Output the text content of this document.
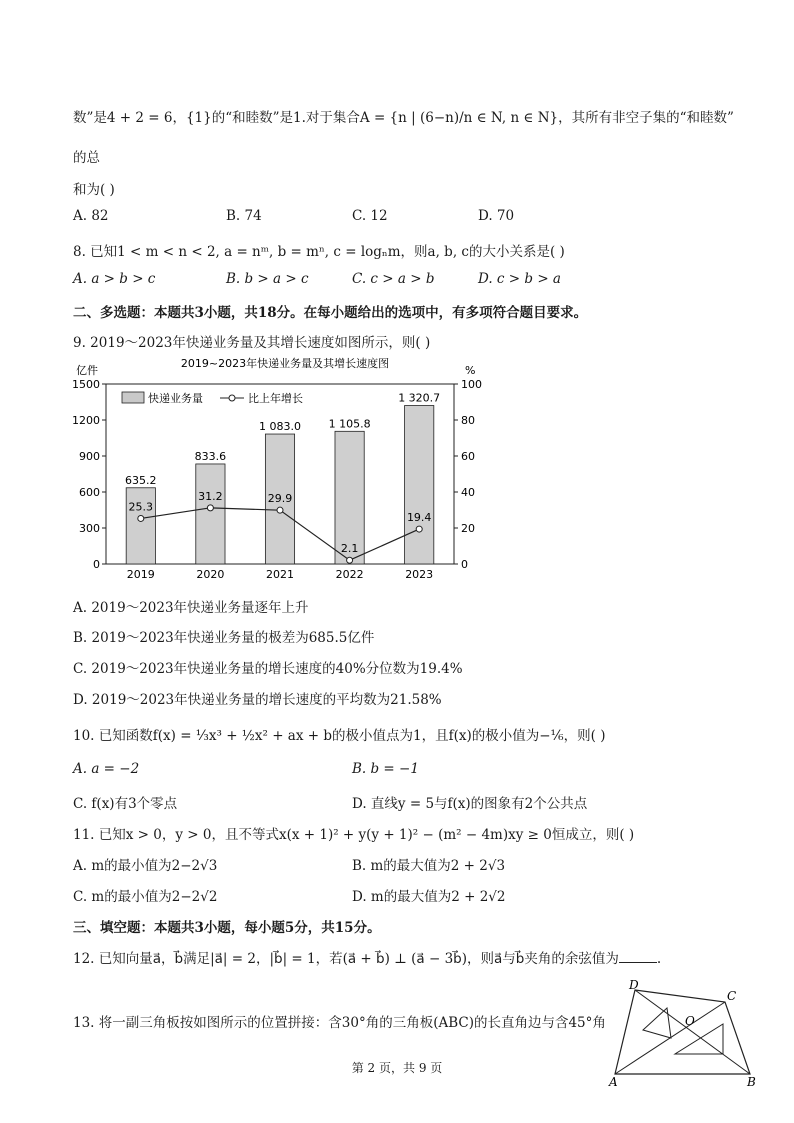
数”是4 + 2 = 6，{1}的“和睦数”是1.对于集合A = {n | (6−n)/n ∈ N, n ∈ N}，其所有非空子集的“和睦数”
的总
和为( )
A. 82	B. 74	C. 12	D. 70
8. 已知1 < m < n < 2, a = nᵐ, b = mⁿ, c = logₙm，则a, b, c的大小关系是( )
A. a > b > c	B. b > a > c	C. c > a > b	D. c > b > a
二、多选题：本题共3小题，共18分。在每小题给出的选项中，有多项符合题目要求。
9. 2019～2023年快递业务量及其增长速度如图所示，则( )
2019~2023年快递业务量及其增长速度图
亿件	%
0
300
600
900
1200
1500
0
20
40
60
80
100
635.2
2019
833.6
2020
1 083.0
2021
1 105.8
2022
1 320.7
2023
25.3
31.2	29.9
2.1
19.4
快递业务量	比上年增长
A. 2019～2023年快递业务量逐年上升
B. 2019～2023年快递业务量的极差为685.5亿件
C. 2019～2023年快递业务量的增长速度的40%分位数为19.4%
D. 2019～2023年快递业务量的增长速度的平均数为21.58%
10. 已知函数f(x) = ⅓x³ + ½x² + ax + b的极小值点为1，且f(x)的极小值为−⅙，则( )
A. a = −2	B. b = −1
C. f(x)有3个零点	D. 直线y = 5与f(x)的图象有2个公共点
11. 已知x > 0，y > 0，且不等式x(x + 1)² + y(y + 1)² − (m² − 4m)xy ≥ 0恒成立，则( )
A. m的最小值为2−2√3	B. m的最大值为2 + 2√3
C. m的最小值为2−2√2	D. m的最大值为2 + 2√2
三、填空题：本题共3小题，每小题5分，共15分。
12. 已知向量a⃗，b⃗满足|a⃗| = 2，|b⃗| = 1，若(a⃗ + b⃗) ⊥ (a⃗ − 3b⃗)，则a⃗与b⃗夹角的余弦值为	.
13. 将一副三角板按如图所示的位置拼接：含30°角的三角板(ABC)的长直角边与含45°角
D
C
O
A	B
第 2 页，共 9 页
